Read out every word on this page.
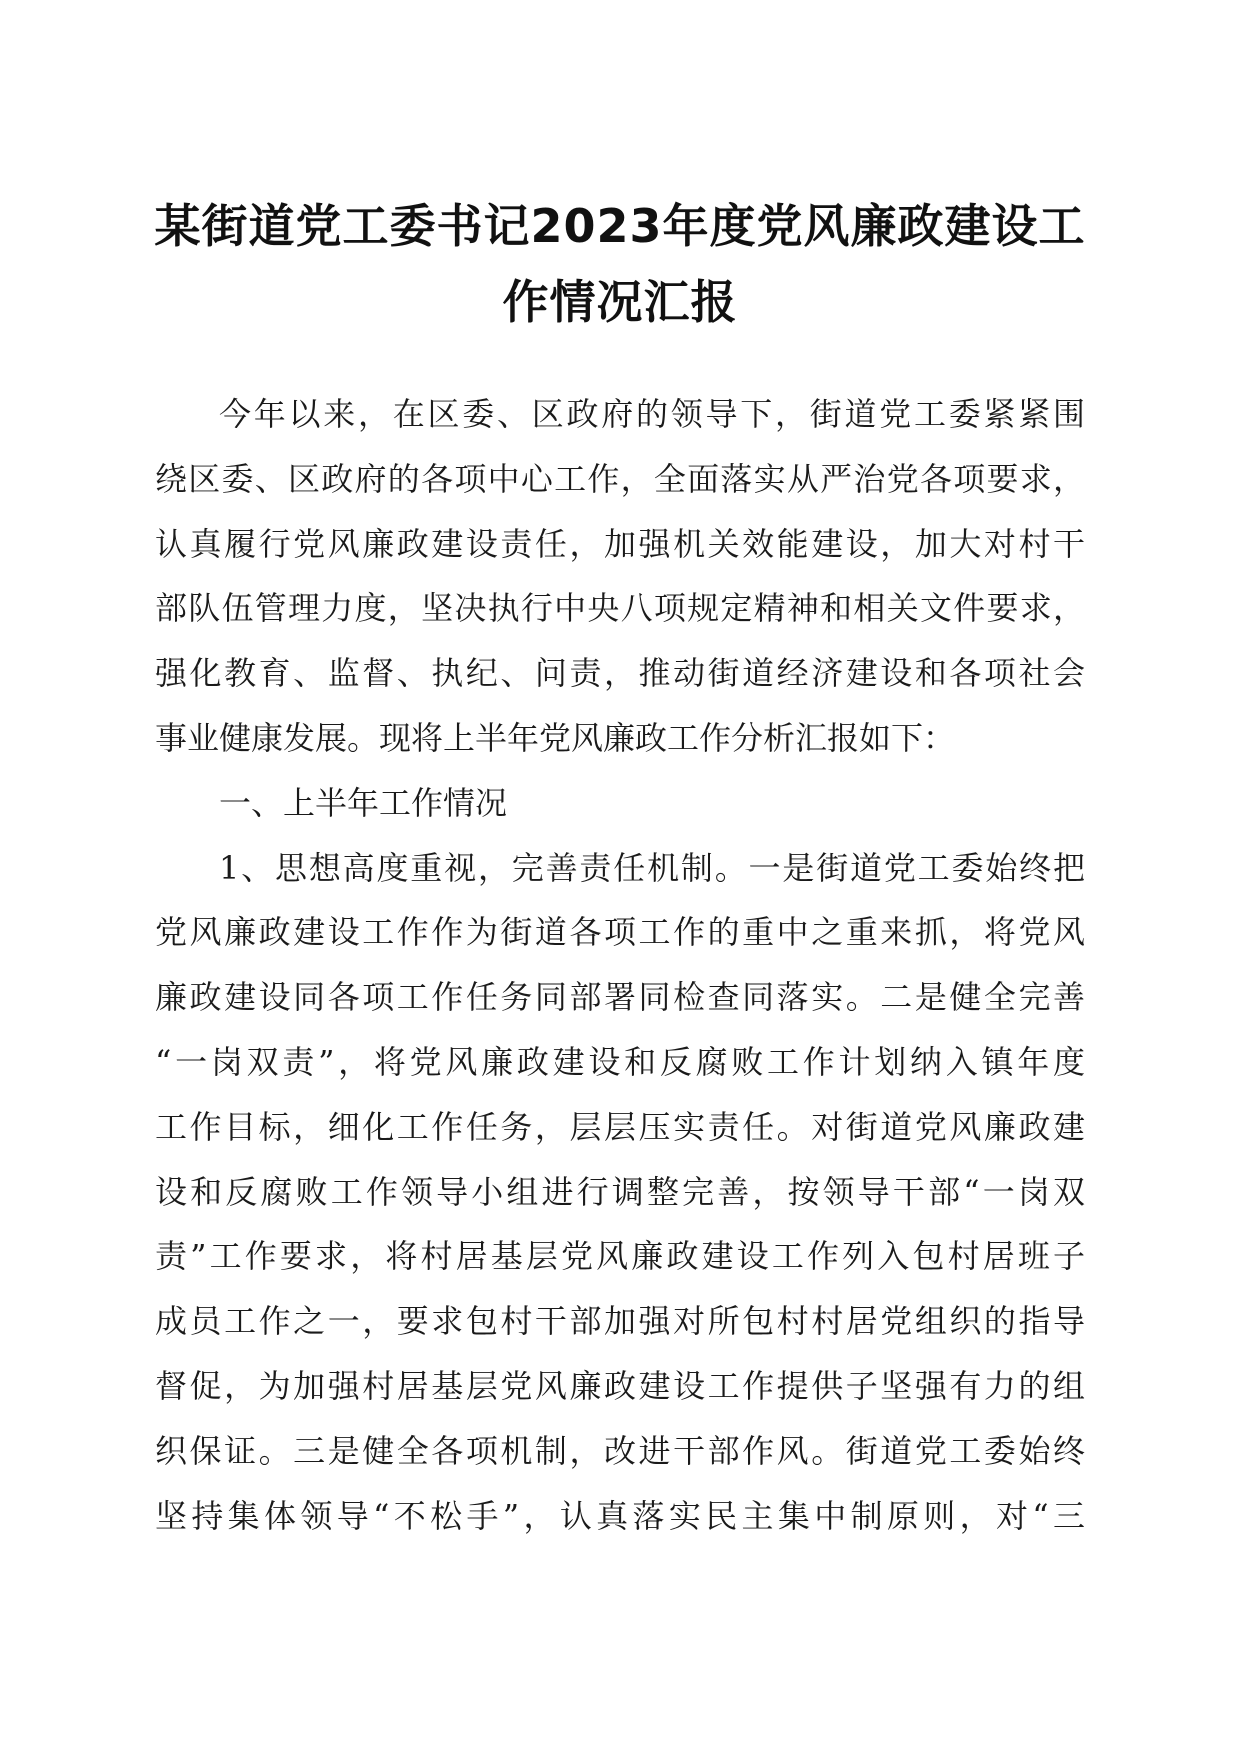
某街道党工委书记2023年度党风廉政建设工
作情况汇报
今年以来，在区委、区政府的领导下，街道党工委紧紧围
绕区委、区政府的各项中心工作，全面落实从严治党各项要求，
认真履行党风廉政建设责任，加强机关效能建设，加大对村干
部队伍管理力度，坚决执行中央八项规定精神和相关文件要求，
强化教育、监督、执纪、问责，推动街道经济建设和各项社会
事业健康发展。现将上半年党风廉政工作分析汇报如下：
一、上半年工作情况
1、思想高度重视，完善责任机制。一是街道党工委始终把
党风廉政建设工作作为街道各项工作的重中之重来抓，将党风
廉政建设同各项工作任务同部署同检查同落实。二是健全完善
“一岗双责”，将党风廉政建设和反腐败工作计划纳入镇年度
工作目标，细化工作任务，层层压实责任。对街道党风廉政建
设和反腐败工作领导小组进行调整完善，按领导干部“一岗双
责”工作要求，将村居基层党风廉政建设工作列入包村居班子
成员工作之一，要求包村干部加强对所包村村居党组织的指导
督促，为加强村居基层党风廉政建设工作提供子坚强有力的组
织保证。三是健全各项机制，改进干部作风。街道党工委始终
坚持集体领导“不松手”，认真落实民主集中制原则，对“三
